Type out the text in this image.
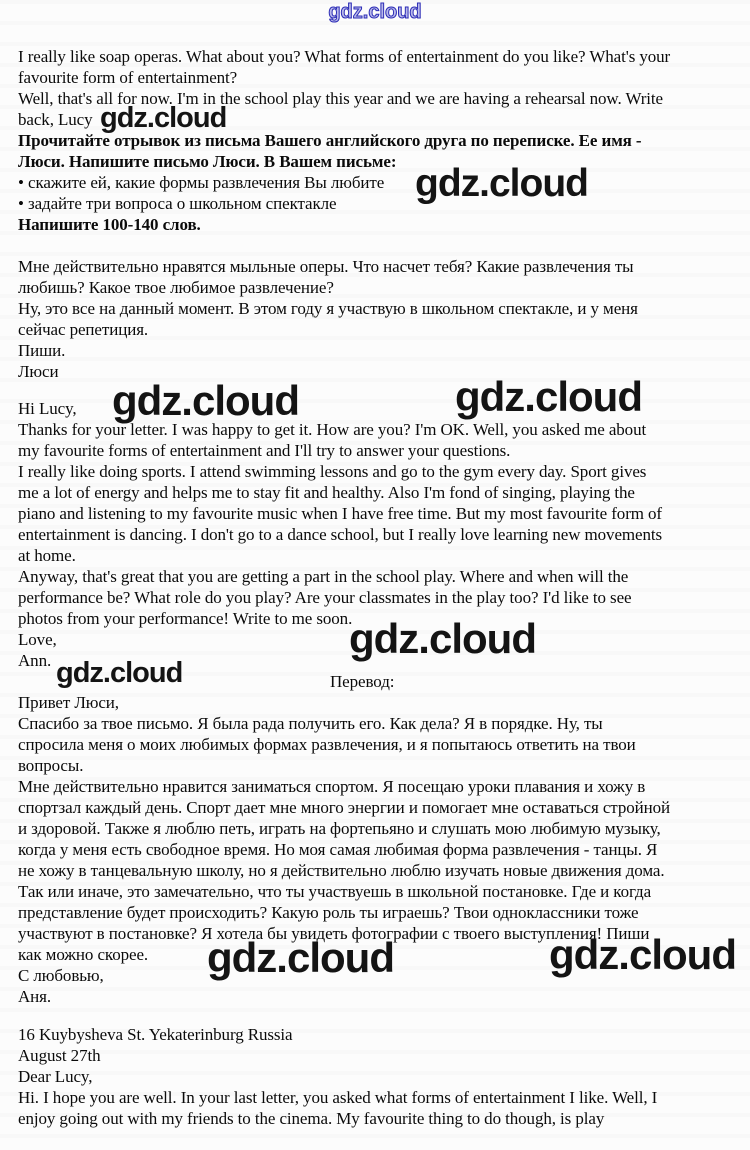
gdz.cloud
I really like soap operas. What about you? What forms of entertainment do you like? What's your
favourite form of entertainment?
Well, that's all for now. I'm in the school play this year and we are having a rehearsal now. Write
back, Lucy
Прочитайте отрывок из письма Вашего английского друга по переписке. Ее имя -
Люси. Напишите письмо Люси. В Вашем письме:
• скажите ей, какие формы развлечения Вы любите
• задайте три вопроса о школьном спектакле
Напишите 100-140 слов.
Мне действительно нравятся мыльные оперы. Что насчет тебя? Какие развлечения ты
любишь? Какое твое любимое развлечение?
Ну, это все на данный момент. В этом году я участвую в школьном спектакле, и у меня
сейчас репетиция.
Пиши.
Люси
Hi Lucy,
Thanks for your letter. I was happy to get it. How are you? I'm OK. Well, you asked me about
my favourite forms of entertainment and I'll try to answer your questions.
I really like doing sports. I attend swimming lessons and go to the gym every day. Sport gives
me a lot of energy and helps me to stay fit and healthy. Also I'm fond of singing, playing the
piano and listening to my favourite music when I have free time. But my most favourite form of
entertainment is dancing. I don't go to a dance school, but I really love learning new movements
at home.
Anyway, that's great that you are getting a part in the school play. Where and when will the
performance be? What role do you play? Are your classmates in the play too? I'd like to see
photos from your performance! Write to me soon.
Love,
Ann.
Перевод:
Привет Люси,
Спасибо за твое письмо. Я была рада получить его. Как дела? Я в порядке. Ну, ты
спросила меня о моих любимых формах развлечения, и я попытаюсь ответить на твои
вопросы.
Мне действительно нравится заниматься спортом. Я посещаю уроки плавания и хожу в
спортзал каждый день. Спорт дает мне много энергии и помогает мне оставаться стройной
и здоровой. Также я люблю петь, играть на фортепьяно и слушать мою любимую музыку,
когда у меня есть свободное время. Но моя самая любимая форма развлечения - танцы. Я
не хожу в танцевальную школу, но я действительно люблю изучать новые движения дома.
Так или иначе, это замечательно, что ты участвуешь в школьной постановке. Где и когда
представление будет происходить? Какую роль ты играешь? Твои одноклассники тоже
участвуют в постановке? Я хотела бы увидеть фотографии с твоего выступления! Пиши
как можно скорее.
С любовью,
Аня.
16 Kuybysheva St. Yekaterinburg Russia
August 27th
Dear Lucy,
Hi. I hope you are well. In your last letter, you asked what forms of entertainment I like. Well, I
enjoy going out with my friends to the cinema. My favourite thing to do though, is play
gdz.cloud
gdz.cloud
gdz.cloud	gdz.cloud
gdz.cloud
gdz.cloud
gdz.cloud	gdz.cloud
